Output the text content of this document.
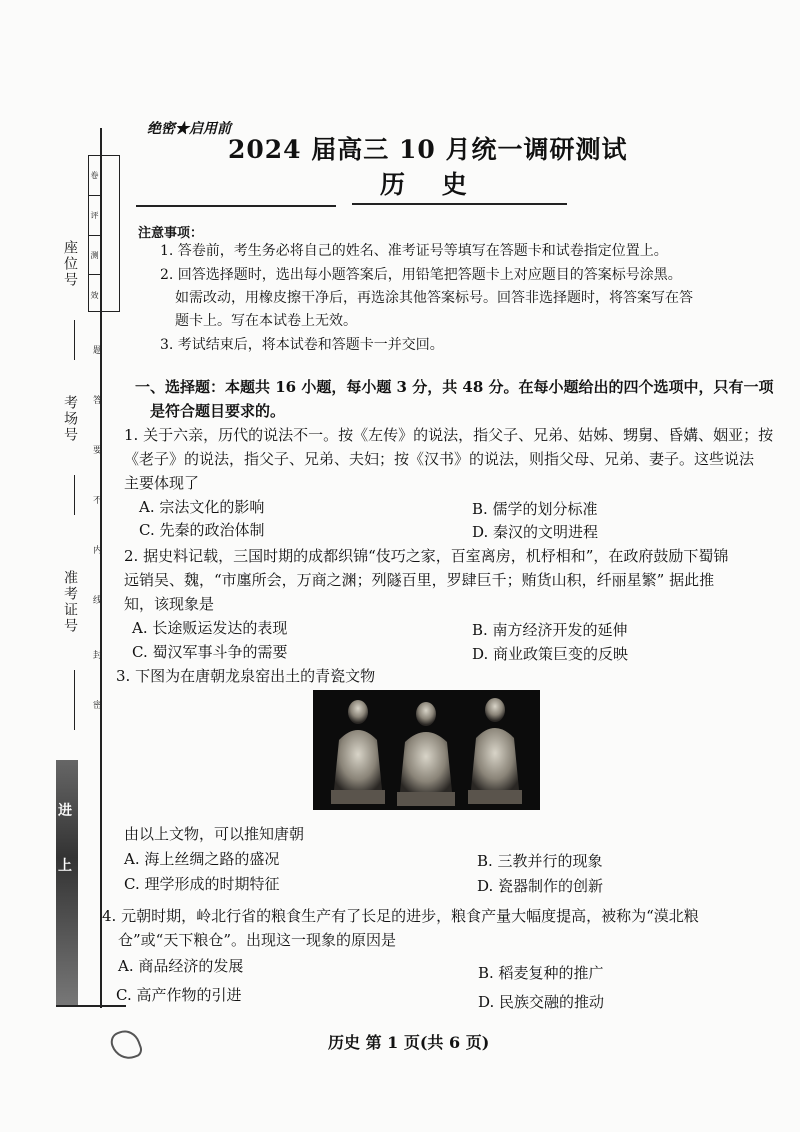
座位号
考场号
准考证号
卷
评
测
效
题
答
要
不
内
线
封
密
进
上
绝密★启用前
2024 届高三 10 月统一调研测试
历 史
注意事项：
1. 答卷前，考生务必将自己的姓名、准考证号等填写在答题卡和试卷指定位置上。
2. 回答选择题时，选出每小题答案后，用铅笔把答题卡上对应题目的答案标号涂黑。
如需改动，用橡皮擦干净后，再选涂其他答案标号。回答非选择题时，将答案写在答
题卡上。写在本试卷上无效。
3. 考试结束后，将本试卷和答题卡一并交回。
一、选择题：本题共 16 小题，每小题 3 分，共 48 分。在每小题给出的四个选项中，只有一项
是符合题目要求的。
1. 关于六亲，历代的说法不一。按《左传》的说法，指父子、兄弟、姑姊、甥舅、昏媾、姻亚；按
《老子》的说法，指父子、兄弟、夫妇；按《汉书》的说法，则指父母、兄弟、妻子。这些说法
主要体现了
A. 宗法文化的影响	B. 儒学的划分标准
C. 先秦的政治体制	D. 秦汉的文明进程
2. 据史料记载，三国时期的成都织锦“伎巧之家，百室离房，机杼相和”，在政府鼓励下蜀锦
远销吴、魏，“市廛所会，万商之渊；列隧百里，罗肆巨千；贿货山积，纤丽星繁” 据此推
知，该现象是
A. 长途贩运发达的表现	B. 南方经济开发的延伸
C. 蜀汉军事斗争的需要	D. 商业政策巨变的反映
3. 下图为在唐朝龙泉窑出土的青瓷文物
由以上文物，可以推知唐朝
A. 海上丝绸之路的盛况	B. 三教并行的现象
C. 理学形成的时期特征	D. 瓷器制作的创新
4. 元朝时期，岭北行省的粮食生产有了长足的进步，粮食产量大幅度提高，被称为“漠北粮
仓”或“天下粮仓”。出现这一现象的原因是
A. 商品经济的发展	B. 稻麦复种的推广
C. 高产作物的引进	D. 民族交融的推动
历史 第 1 页(共 6 页)
